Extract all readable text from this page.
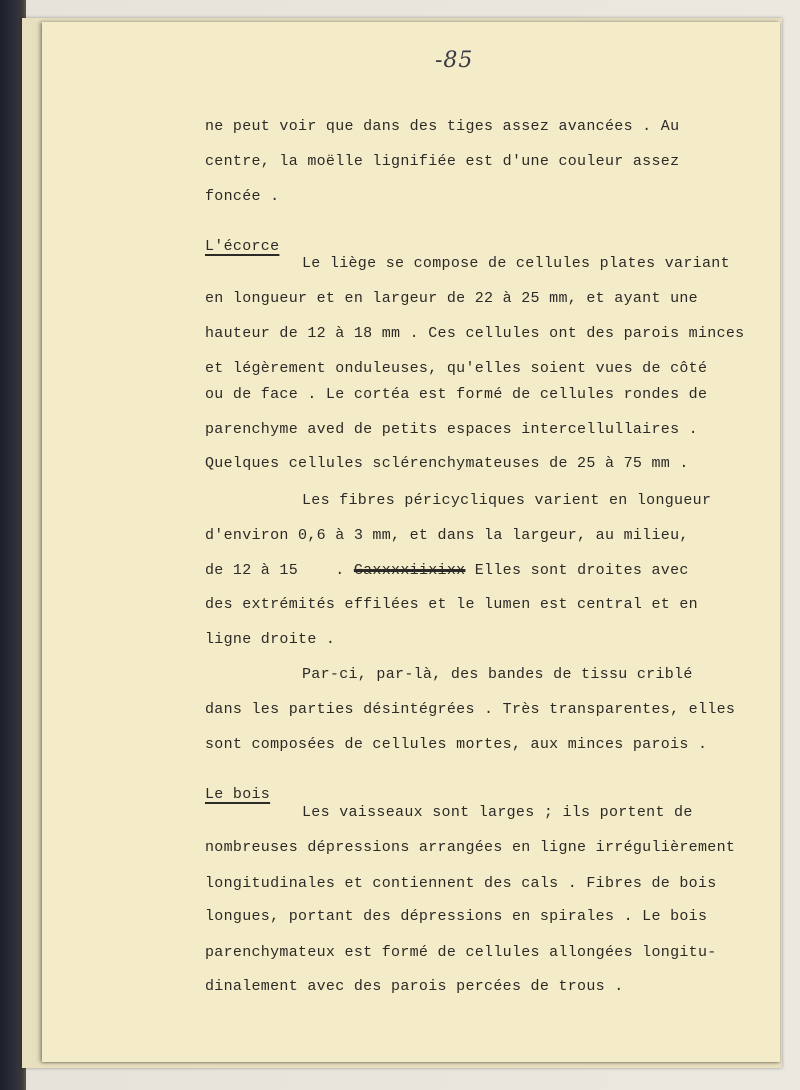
-85

ne peut voir que dans des tiges assez avancées . Au

centre, la moëlle lignifiée est d'une couleur assez

foncée .

L'écorce

Le liège se compose de cellules plates variant

en longueur et en largeur de 22 à 25 mm, et ayant une

hauteur de 12 à 18 mm . Ces cellules ont des parois minces

et légèrement onduleuses, qu'elles soient vues de côté

ou de face . Le cortéa est formé de cellules rondes de

parenchyme aved de petits espaces intercellullaires .

Quelques cellules sclérenchymateuses de 25 à 75 mm .

Les fibres péricycliques varient en longueur

d'environ 0,6 à 3 mm, et dans la largeur, au milieu,

de 12 à 15    . Gaxxxxiixixx Elles sont droites avec

des extrémités effilées et le lumen est central et en

ligne droite .

Par-ci, par-là, des bandes de tissu criblé

dans les parties désintégrées . Très transparentes, elles

sont composées de cellules mortes, aux minces parois .

Le bois

Les vaisseaux sont larges ; ils portent de

nombreuses dépressions arrangées en ligne irrégulièrement

longitudinales et contiennent des cals . Fibres de bois

longues, portant des dépressions en spirales . Le bois

parenchymateux est formé de cellules allongées longitu-

dinalement avec des parois percées de trous .
